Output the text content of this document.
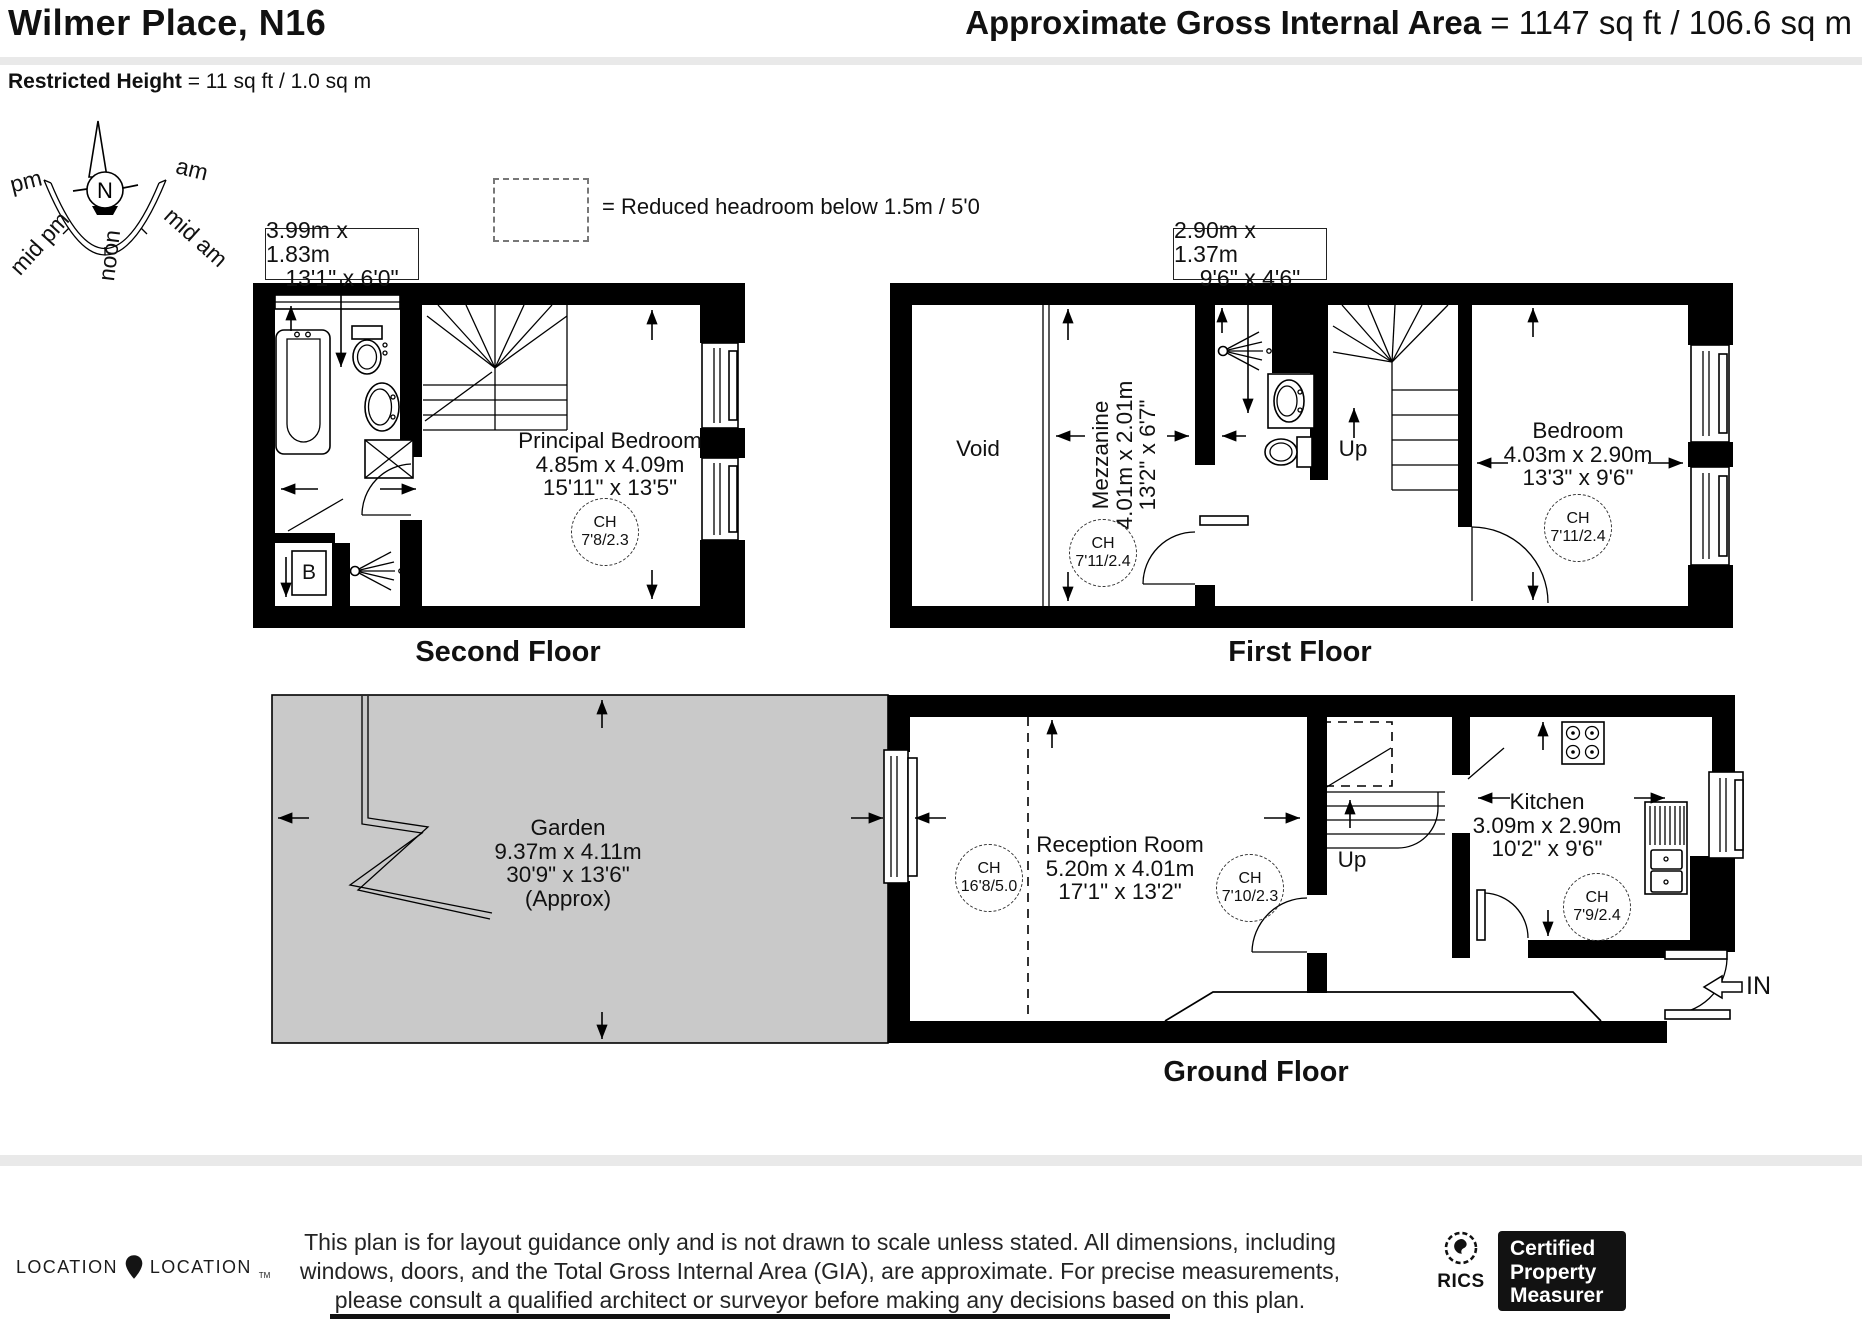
Wilmer Place, N16	Approximate Gross Internal Area = 1147 sq ft / 106.6 sq m
Restricted Height = 11 sq ft / 1.0 sq m
N
pm	am
mid pm noon mid am	= Reduced headroom below 1.5m / 5'0
3.99m x 1.83m
13'1" x 6'0"
Principal Bedroom
4.85m x 4.09m
15'11" x 13'5"
CH
7'8/2.3
B
Second Floor
2.90m x 1.37m
9'6" x 4'6"
Void	Mezzanine
4.01m x 2.01m
13'2" x 6'7"
CH
7'11/2.4
Up
Bedroom
4.03m x 2.90m
13'3" x 9'6"
CH
7'11/2.4
First Floor
Garden
9.37m x 4.11m
30'9" x 13'6"
(Approx)
CH
16'8/5.0
Reception Room
5.20m x 4.01m
17'1" x 13'2"
CH
7'10/2.3
Up
Kitchen
3.09m x 2.90m
10'2" x 9'6"
CH
7'9/2.4
IN
Ground Floor
LOCATION LOCATION TM
This plan is for layout guidance only and is not drawn to scale unless stated. All dimensions, including
windows, doors, and the Total Gross Internal Area (GIA), are approximate. For precise measurements,
please consult a qualified architect or surveyor before making any decisions based on this plan.
RICS
Certified
Property
Measurer
